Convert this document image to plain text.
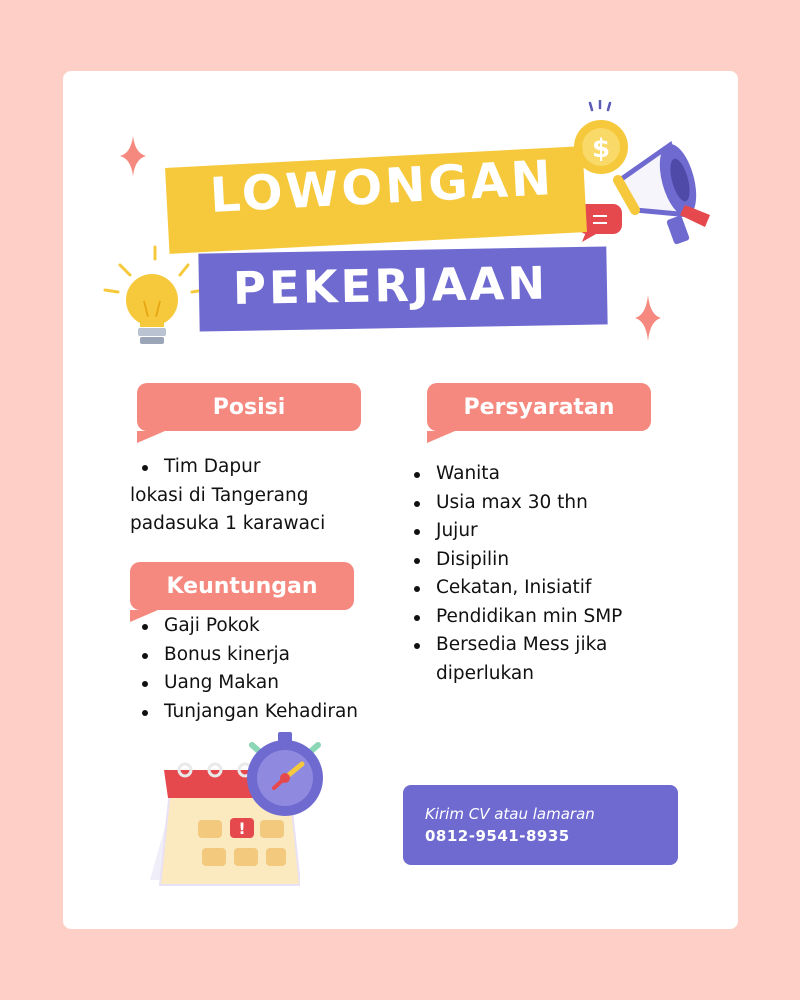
$
!
LOWONGAN
PEKERJAAN
Posisi	Persyaratan
Keuntungan
Tim Dapur
lokasi di Tangerang
padasuka 1 karawaci
Wanita
Usia max 30 thn
Jujur
Disipilin
Cekatan, Inisiatif
Pendidikan min SMP
Bersedia Mess jika
diperlukan
Gaji Pokok
Bonus kinerja
Uang Makan
Tunjangan Kehadiran
Kirim CV atau lamaran
0812-9541-8935
